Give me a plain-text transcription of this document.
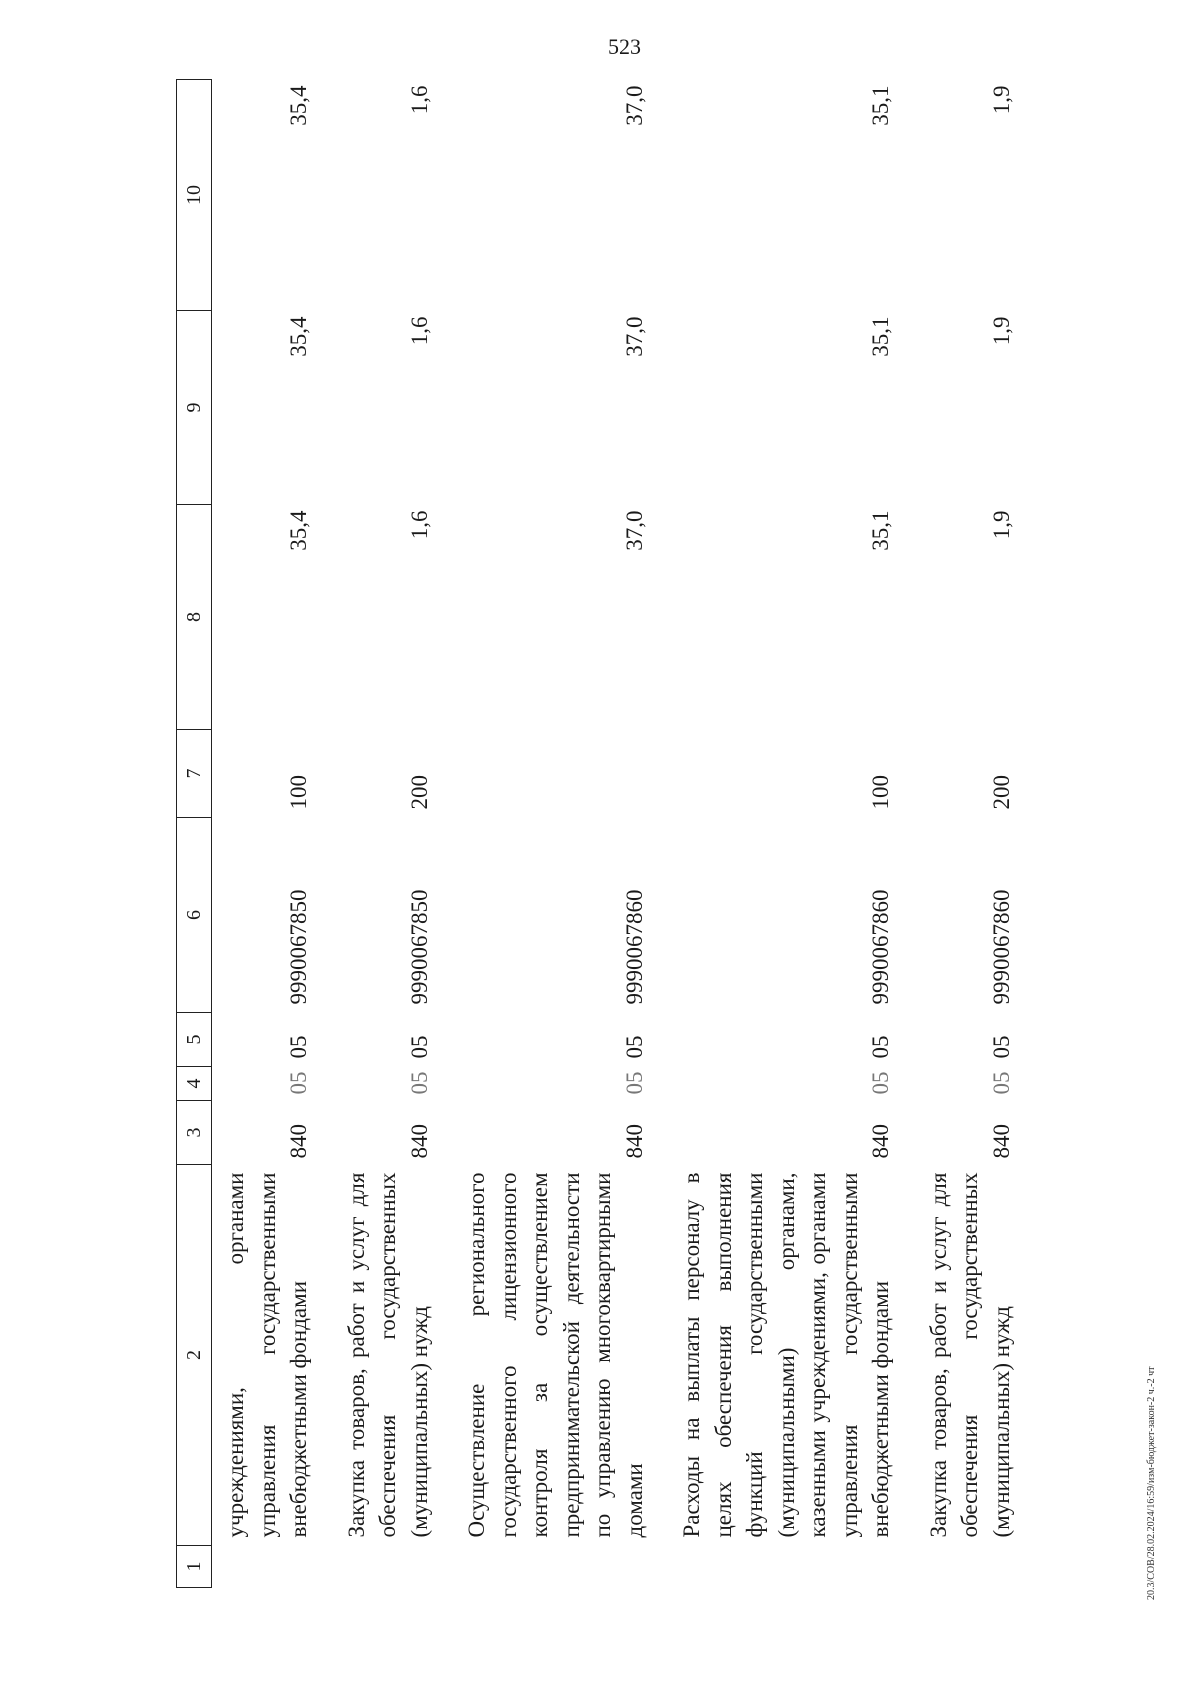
523
1	2	3	4	5	6	7	8	9	10
	учреждениями, органами управления государственными внебюджетными фондами	840	05	05	9990067850	100	35,4	35,4	35,4
	Закупка товаров, работ и услуг для обеспечения государственных (муниципальных) нужд	840	05	05	9990067850	200	1,6	1,6	1,6
	Осуществление регионального государственного лицензионного контроля за осуществлением предпринимательской деятельности по управлению многоквартирными домами	840	05	05	9990067860		37,0	37,0	37,0
	Расходы на выплаты персоналу в целях обеспечения выполнения функций государственными (муниципальными) органами, казенными учреждениями, органами управления государственными внебюджетными фондами	840	05	05	9990067860	100	35,1	35,1	35,1
	Закупка товаров, работ и услуг для обеспечения государственных (муниципальных) нужд	840	05	05	9990067860	200	1,9	1,9	1,9
20.3/СОВ/28.02.2024/16:59/изм-бюджет-закон-2 ч.-2 чт
